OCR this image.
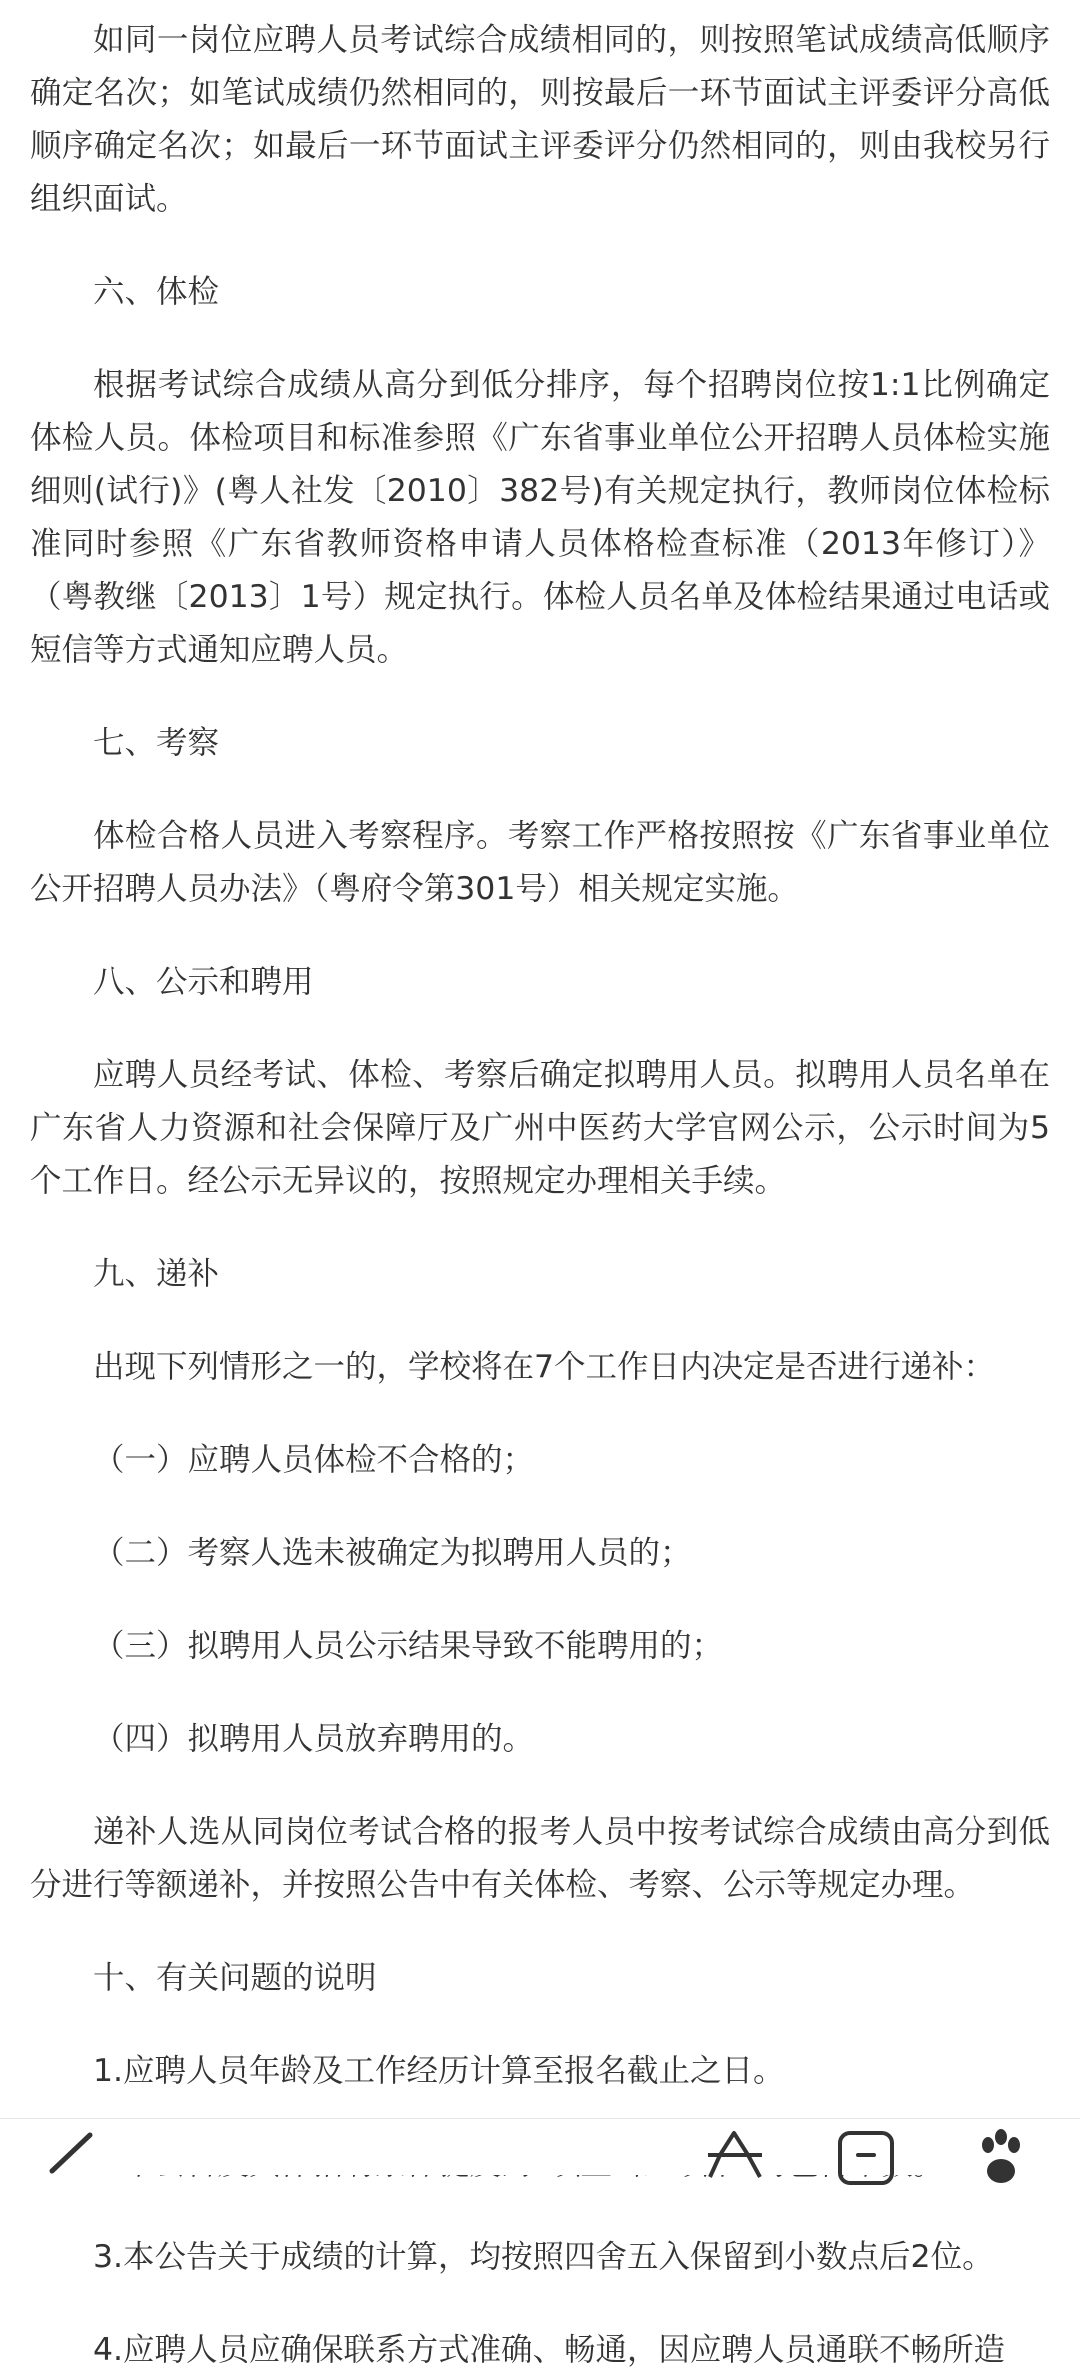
如同一岗位应聘人员考试综合成绩相同的，则按照笔试成绩高低顺序确定名次；如笔试成绩仍然相同的，则按最后一环节面试主评委评分高低顺序确定名次；如最后一环节面试主评委评分仍然相同的，则由我校另行组织面试。

六、体检

根据考试综合成绩从高分到低分排序，每个招聘岗位按1:1比例确定体检人员。体检项目和标准参照《广东省事业单位公开招聘人员体检实施细则(试行)》(粤人社发〔2010〕382号)有关规定执行，教师岗位体检标准同时参照《广东省教师资格申请人员体格检查标准（2013年修订）》（粤教继〔2013〕1号）规定执行。体检人员名单及体检结果通过电话或短信等方式通知应聘人员。

七、考察

体检合格人员进入考察程序。考察工作严格按照按《广东省事业单位公开招聘人员办法》（粤府令第301号）相关规定实施。

八、公示和聘用

应聘人员经考试、体检、考察后确定拟聘用人员。拟聘用人员名单在广东省人力资源和社会保障厅及广州中医药大学官网公示，公示时间为5个工作日。经公示无异议的，按照规定办理相关手续。

九、递补

出现下列情形之一的，学校将在7个工作日内决定是否进行递补：

（一）应聘人员体检不合格的；

（二）考察人选未被确定为拟聘用人员的；

（三）拟聘用人员公示结果导致不能聘用的；

（四）拟聘用人员放弃聘用的。

递补人选从同岗位考试合格的报考人员中按考试综合成绩由高分到低分进行等额递补，并按照公告中有关体检、考察、公示等规定办理。

十、有关问题的说明

1.应聘人员年龄及工作经历计算至报名截止之日。

3.本公告关于成绩的计算，均按照四舍五入保留到小数点后2位。

4.应聘人员应确保联系方式准确、畅通，因应聘人员通联不畅所造
